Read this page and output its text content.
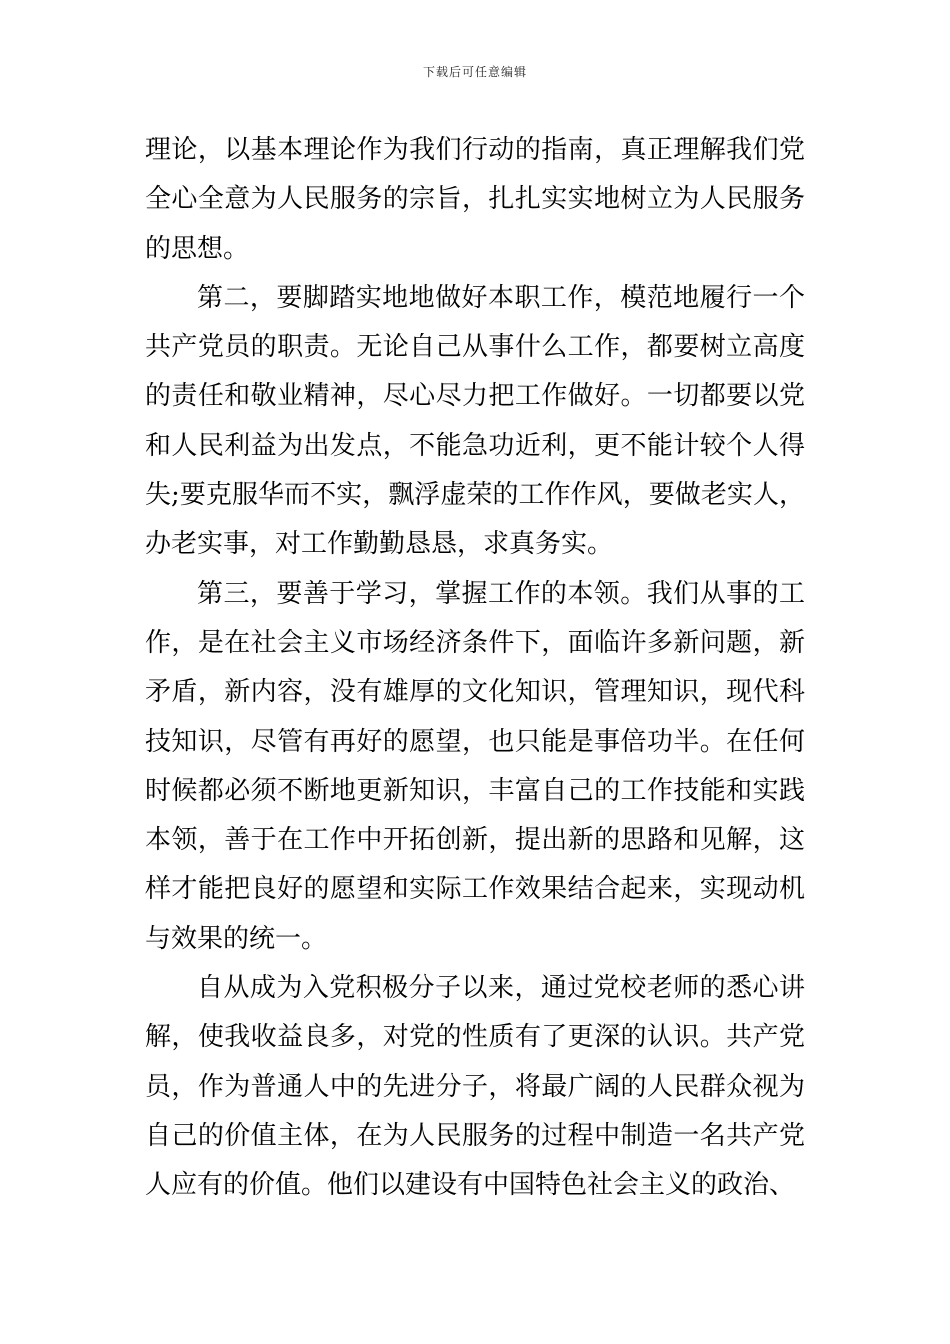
下载后可任意编辑

理论，以基本理论作为我们行动的指南，真正理解我们党全心全意为人民服务的宗旨，扎扎实实地树立为人民服务的思想。

第二，要脚踏实地地做好本职工作，模范地履行一个共产党员的职责。无论自己从事什么工作，都要树立高度的责任和敬业精神，尽心尽力把工作做好。一切都要以党和人民利益为出发点，不能急功近利，更不能计较个人得失;要克服华而不实，飘浮虚荣的工作作风，要做老实人，办老实事，对工作勤勤恳恳，求真务实。

第三，要善于学习，掌握工作的本领。我们从事的工作，是在社会主义市场经济条件下，面临许多新问题，新矛盾，新内容，没有雄厚的文化知识，管理知识，现代科技知识，尽管有再好的愿望，也只能是事倍功半。在任何时候都必须不断地更新知识，丰富自己的工作技能和实践本领，善于在工作中开拓创新，提出新的思路和见解，这样才能把良好的愿望和实际工作效果结合起来，实现动机与效果的统一。

自从成为入党积极分子以来，通过党校老师的悉心讲解，使我收益良多，对党的性质有了更深的认识。共产党员，作为普通人中的先进分子，将最广阔的人民群众视为自己的价值主体，在为人民服务的过程中制造一名共产党人应有的价值。他们以建设有中国特色社会主义的政治、
